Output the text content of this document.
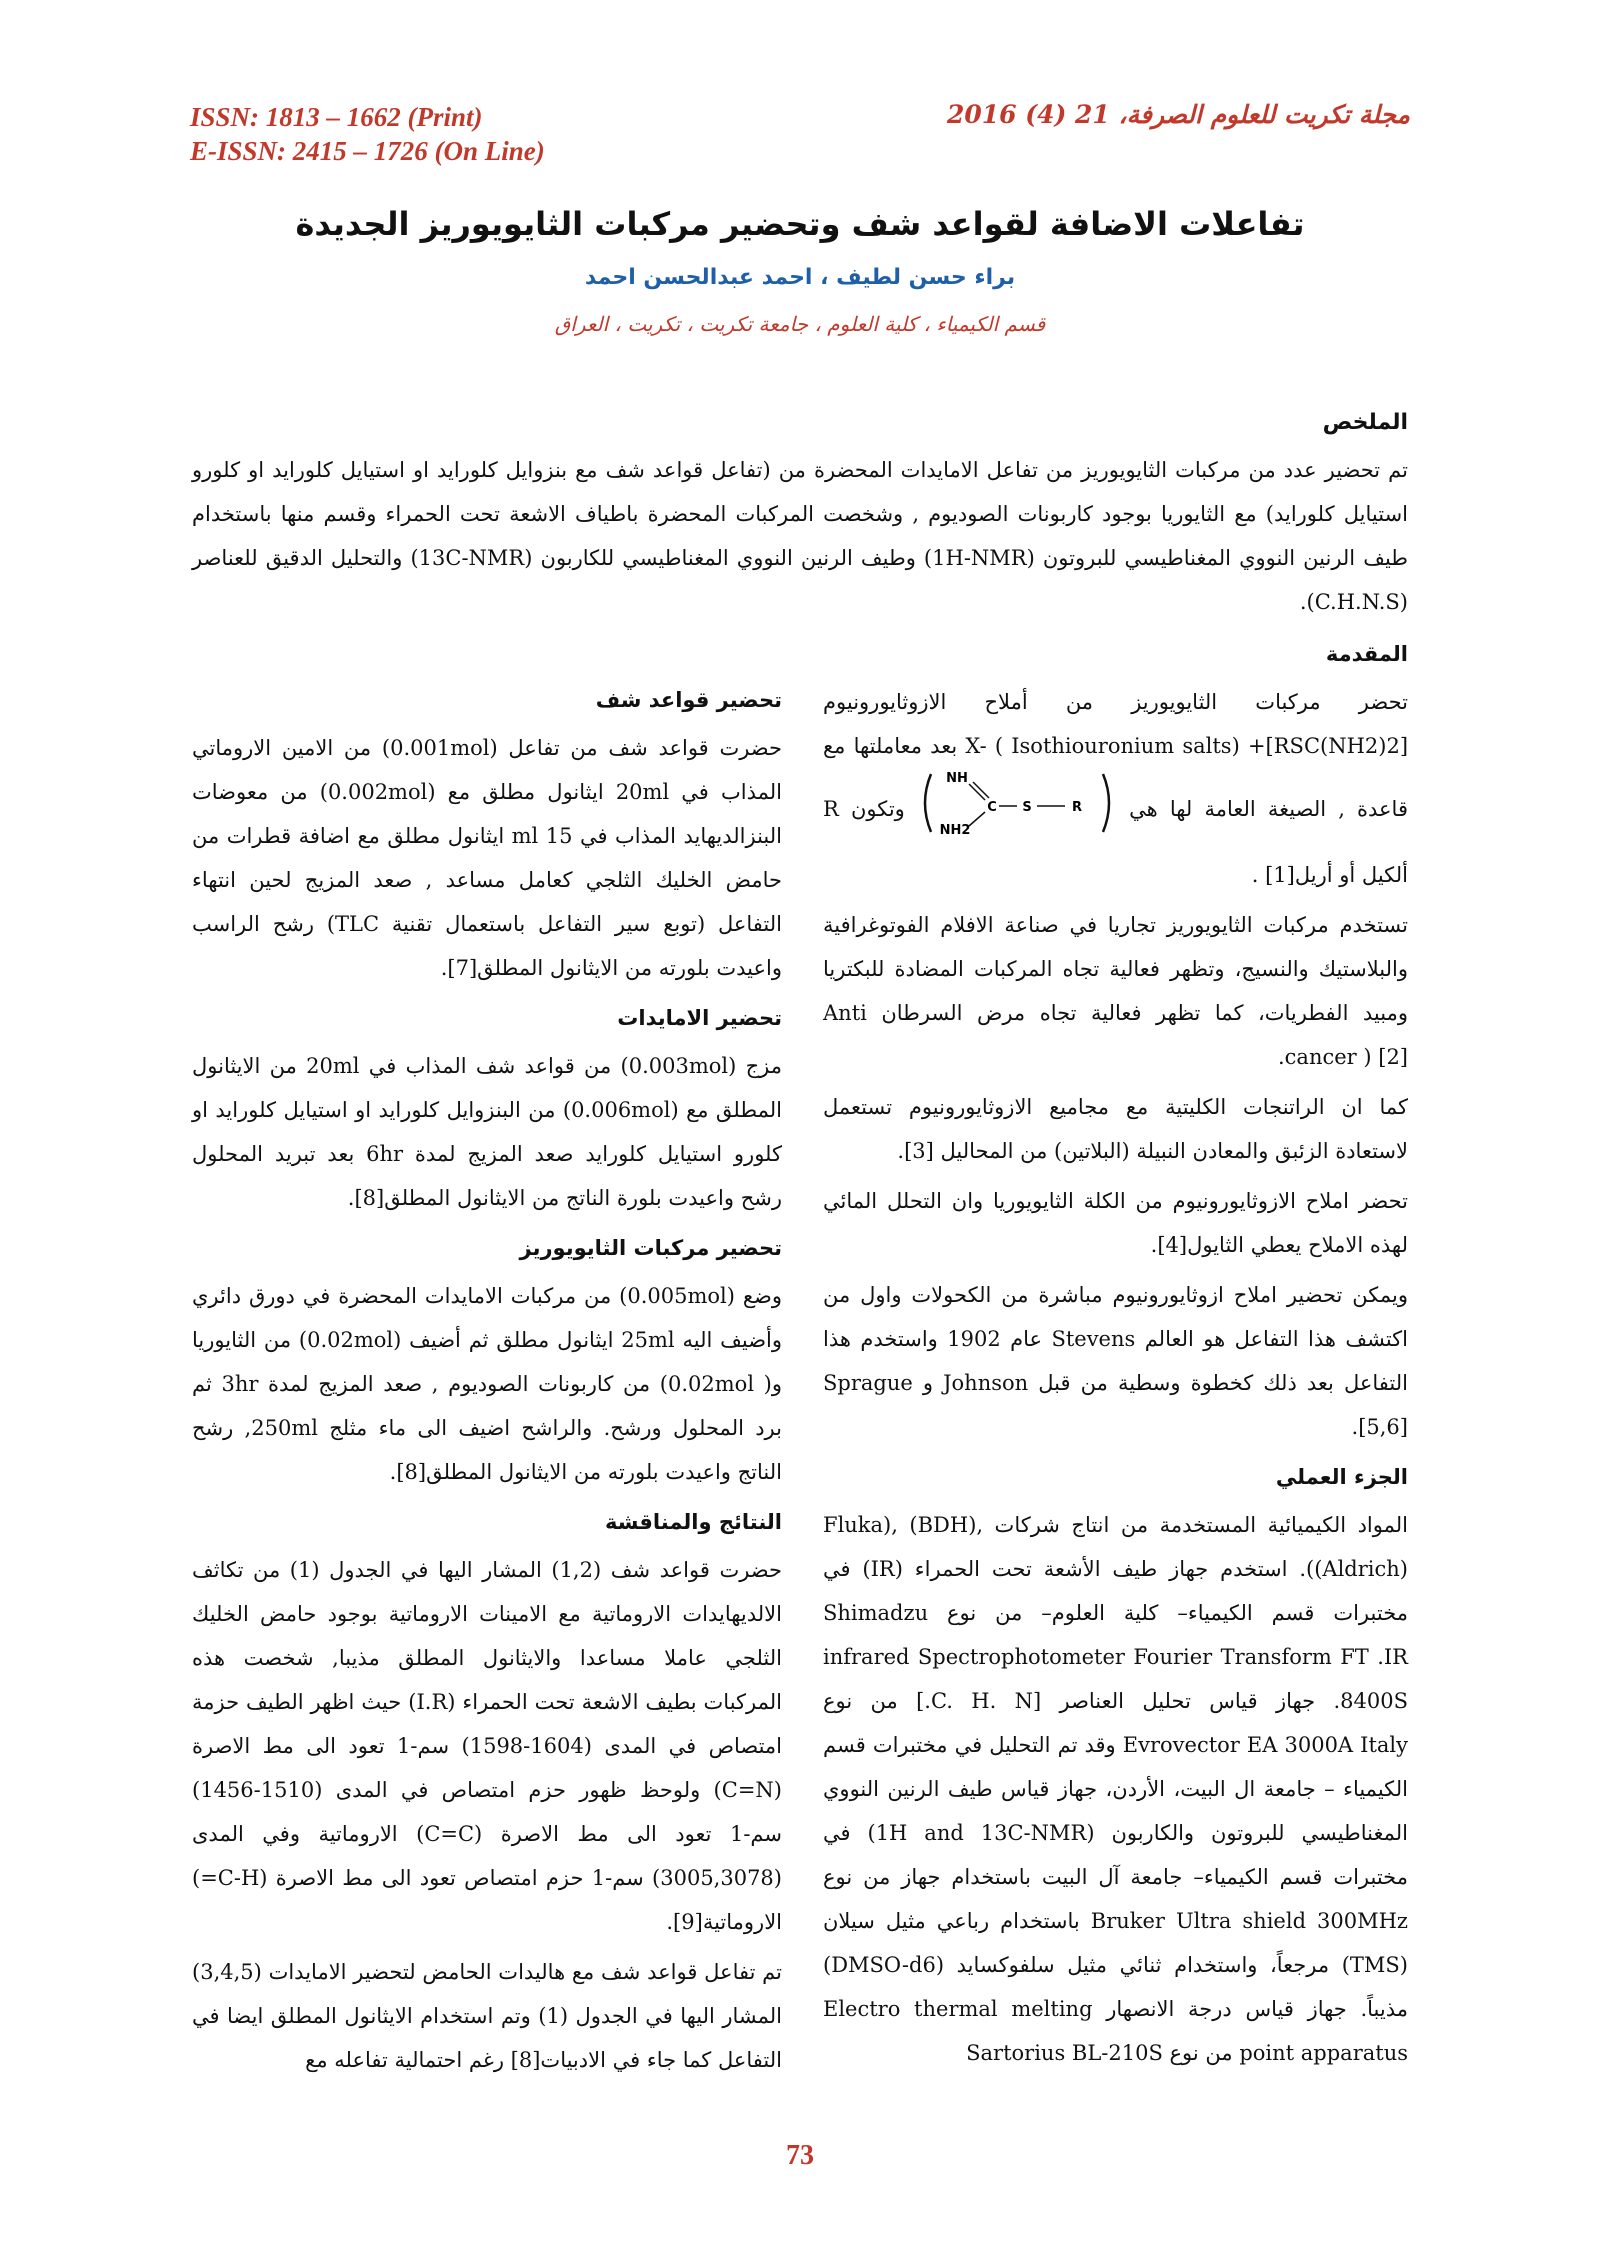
ISSN: 1813 – 1662 (Print)
E-ISSN: 2415 – 1726 (On Line)
مجلة تكريت للعلوم الصرفة، 21 (4) 2016
تفاعلات الاضافة لقواعد شف وتحضير مركبات الثايويوريز الجديدة
براء حسن لطيف ، احمد عبدالحسن احمد
قسم الكيمياء ، كلية العلوم ، جامعة تكريت ، تكريت ، العراق
الملخص
تم تحضير عدد من مركبات الثايويوريز من تفاعل الامايدات المحضرة من (تفاعل قواعد شف مع بنزوايل كلورايد او استيايل كلورايد او كلورو استيايل كلورايد) مع الثايوريا بوجود كاربونات الصوديوم , وشخصت المركبات المحضرة باطياف الاشعة تحت الحمراء وقسم منها باستخدام طيف الرنين النووي المغناطيسي للبروتون (1H-NMR) وطيف الرنين النووي المغناطيسي للكاربون (13C-NMR) والتحليل الدقيق للعناصر (C.H.N.S).
المقدمة

تحضر مركبات الثايويوريز من أملاح الازوثايورونيوم [RSC(NH2)2]+ X- ( Isothiouronium salts) بعد معاملتها مع قاعدة , الصيغة العامة لها هي
R
S
C
NH
NH2
وتكون R ألكيل أو أريل[1] .

تستخدم مركبات الثايويوريز تجاريا في صناعة الافلام الفوتوغرافية والبلاستيك والنسيج، وتظهر فعالية تجاه المركبات المضادة للبكتريا ومبيد الفطريات، كما تظهر فعالية تجاه مرض السرطان Anti cancer ) [2].

كما ان الراتنجات الكليتية مع مجاميع الازوثايورونيوم تستعمل لاستعادة الزئبق والمعادن النبيلة (البلاتين) من المحاليل [3].

تحضر املاح الازوثايورونيوم من الكلة الثايويوريا وان التحلل المائي لهذه الاملاح يعطي الثايول[4].

ويمكن تحضير املاح ازوثايورونيوم مباشرة من الكحولات واول من اكتشف هذا التفاعل هو العالم Stevens عام 1902 واستخدم هذا التفاعل بعد ذلك كخطوة وسطية من قبل Johnson و Sprague [5,6].

الجزء العملي

المواد الكيميائية المستخدمة من انتاج شركات Fluka), (BDH), (Aldrich)). استخدم جهاز طيف الأشعة تحت الحمراء (IR) في مختبرات قسم الكيمياء– كلية العلوم– من نوع Shimadzu infrared Spectrophotometer Fourier Transform FT .IR 8400S. جهاز قياس تحليل العناصر [C. H. N.] من نوع Evrovector EA 3000A Italy وقد تم التحليل في مختبرات قسم الكيمياء – جامعة ال البيت، الأردن، جهاز قياس طيف الرنين النووي المغناطيسي للبروتون والكاربون (1H and 13C-NMR) في مختبرات قسم الكيمياء– جامعة آل البيت باستخدام جهاز من نوع Bruker Ultra shield 300MHz باستخدام رباعي مثيل سيلان (TMS) مرجعاً، واستخدام ثنائي مثيل سلفوكسايد (DMSO-d6) مذيباً. جهاز قياس درجة الانصهار Electro thermal melting point apparatus من نوع Sartorius BL-210S

تحضير قواعد شف

حضرت قواعد شف من تفاعل (0.001mol) من الامين الاروماتي المذاب في 20ml ايثانول مطلق مع (0.002mol) من معوضات البنزالديهايد المذاب في 15 ml ايثانول مطلق مع اضافة قطرات من حامض الخليك الثلجي كعامل مساعد , صعد المزيج لحين انتهاء التفاعل (توبع سير التفاعل باستعمال تقنية TLC) رشح الراسب واعيدت بلورته من الايثانول المطلق[7].

تحضير الامايدات

مزج (0.003mol) من قواعد شف المذاب في 20ml من الايثانول المطلق مع (0.006mol) من البنزوايل كلورايد او استيايل كلورايد او كلورو استيايل كلورايد صعد المزيج لمدة 6hr بعد تبريد المحلول رشح واعيدت بلورة الناتج من الايثانول المطلق[8].

تحضير مركبات الثايويوريز

وضع (0.005mol) من مركبات الامايدات المحضرة في دورق دائري وأضيف اليه 25ml ايثانول مطلق ثم أضيف (0.02mol) من الثايوريا و( 0.02mol) من كاربونات الصوديوم , صعد المزيج لمدة 3hr ثم برد المحلول ورشح. والراشح اضيف الى ماء مثلج 250ml, رشح الناتج واعيدت بلورته من الايثانول المطلق[8].

النتائج والمناقشة

حضرت قواعد شف (1,2) المشار اليها في الجدول (1) من تكاثف الالديهايدات الاروماتية مع الامينات الاروماتية بوجود حامض الخليك الثلجي عاملا مساعدا والايثانول المطلق مذيبا, شخصت هذه المركبات بطيف الاشعة تحت الحمراء (I.R) حيث اظهر الطيف حزمة امتصاص في المدى (1604-1598) سم-1 تعود الى مط الاصرة (C=N) ولوحظ ظهور حزم امتصاص في المدى (1510-1456) سم-1 تعود الى مط الاصرة (C=C) الاروماتية وفي المدى (3005,3078) سم-1 حزم امتصاص تعود الى مط الاصرة (C-H=) الاروماتية[9].

تم تفاعل قواعد شف مع هاليدات الحامض لتحضير الامايدات (3,4,5) المشار اليها في الجدول (1) وتم استخدام الايثانول المطلق ايضا في التفاعل كما جاء في الادبيات[8] رغم احتمالية تفاعله مع

73
